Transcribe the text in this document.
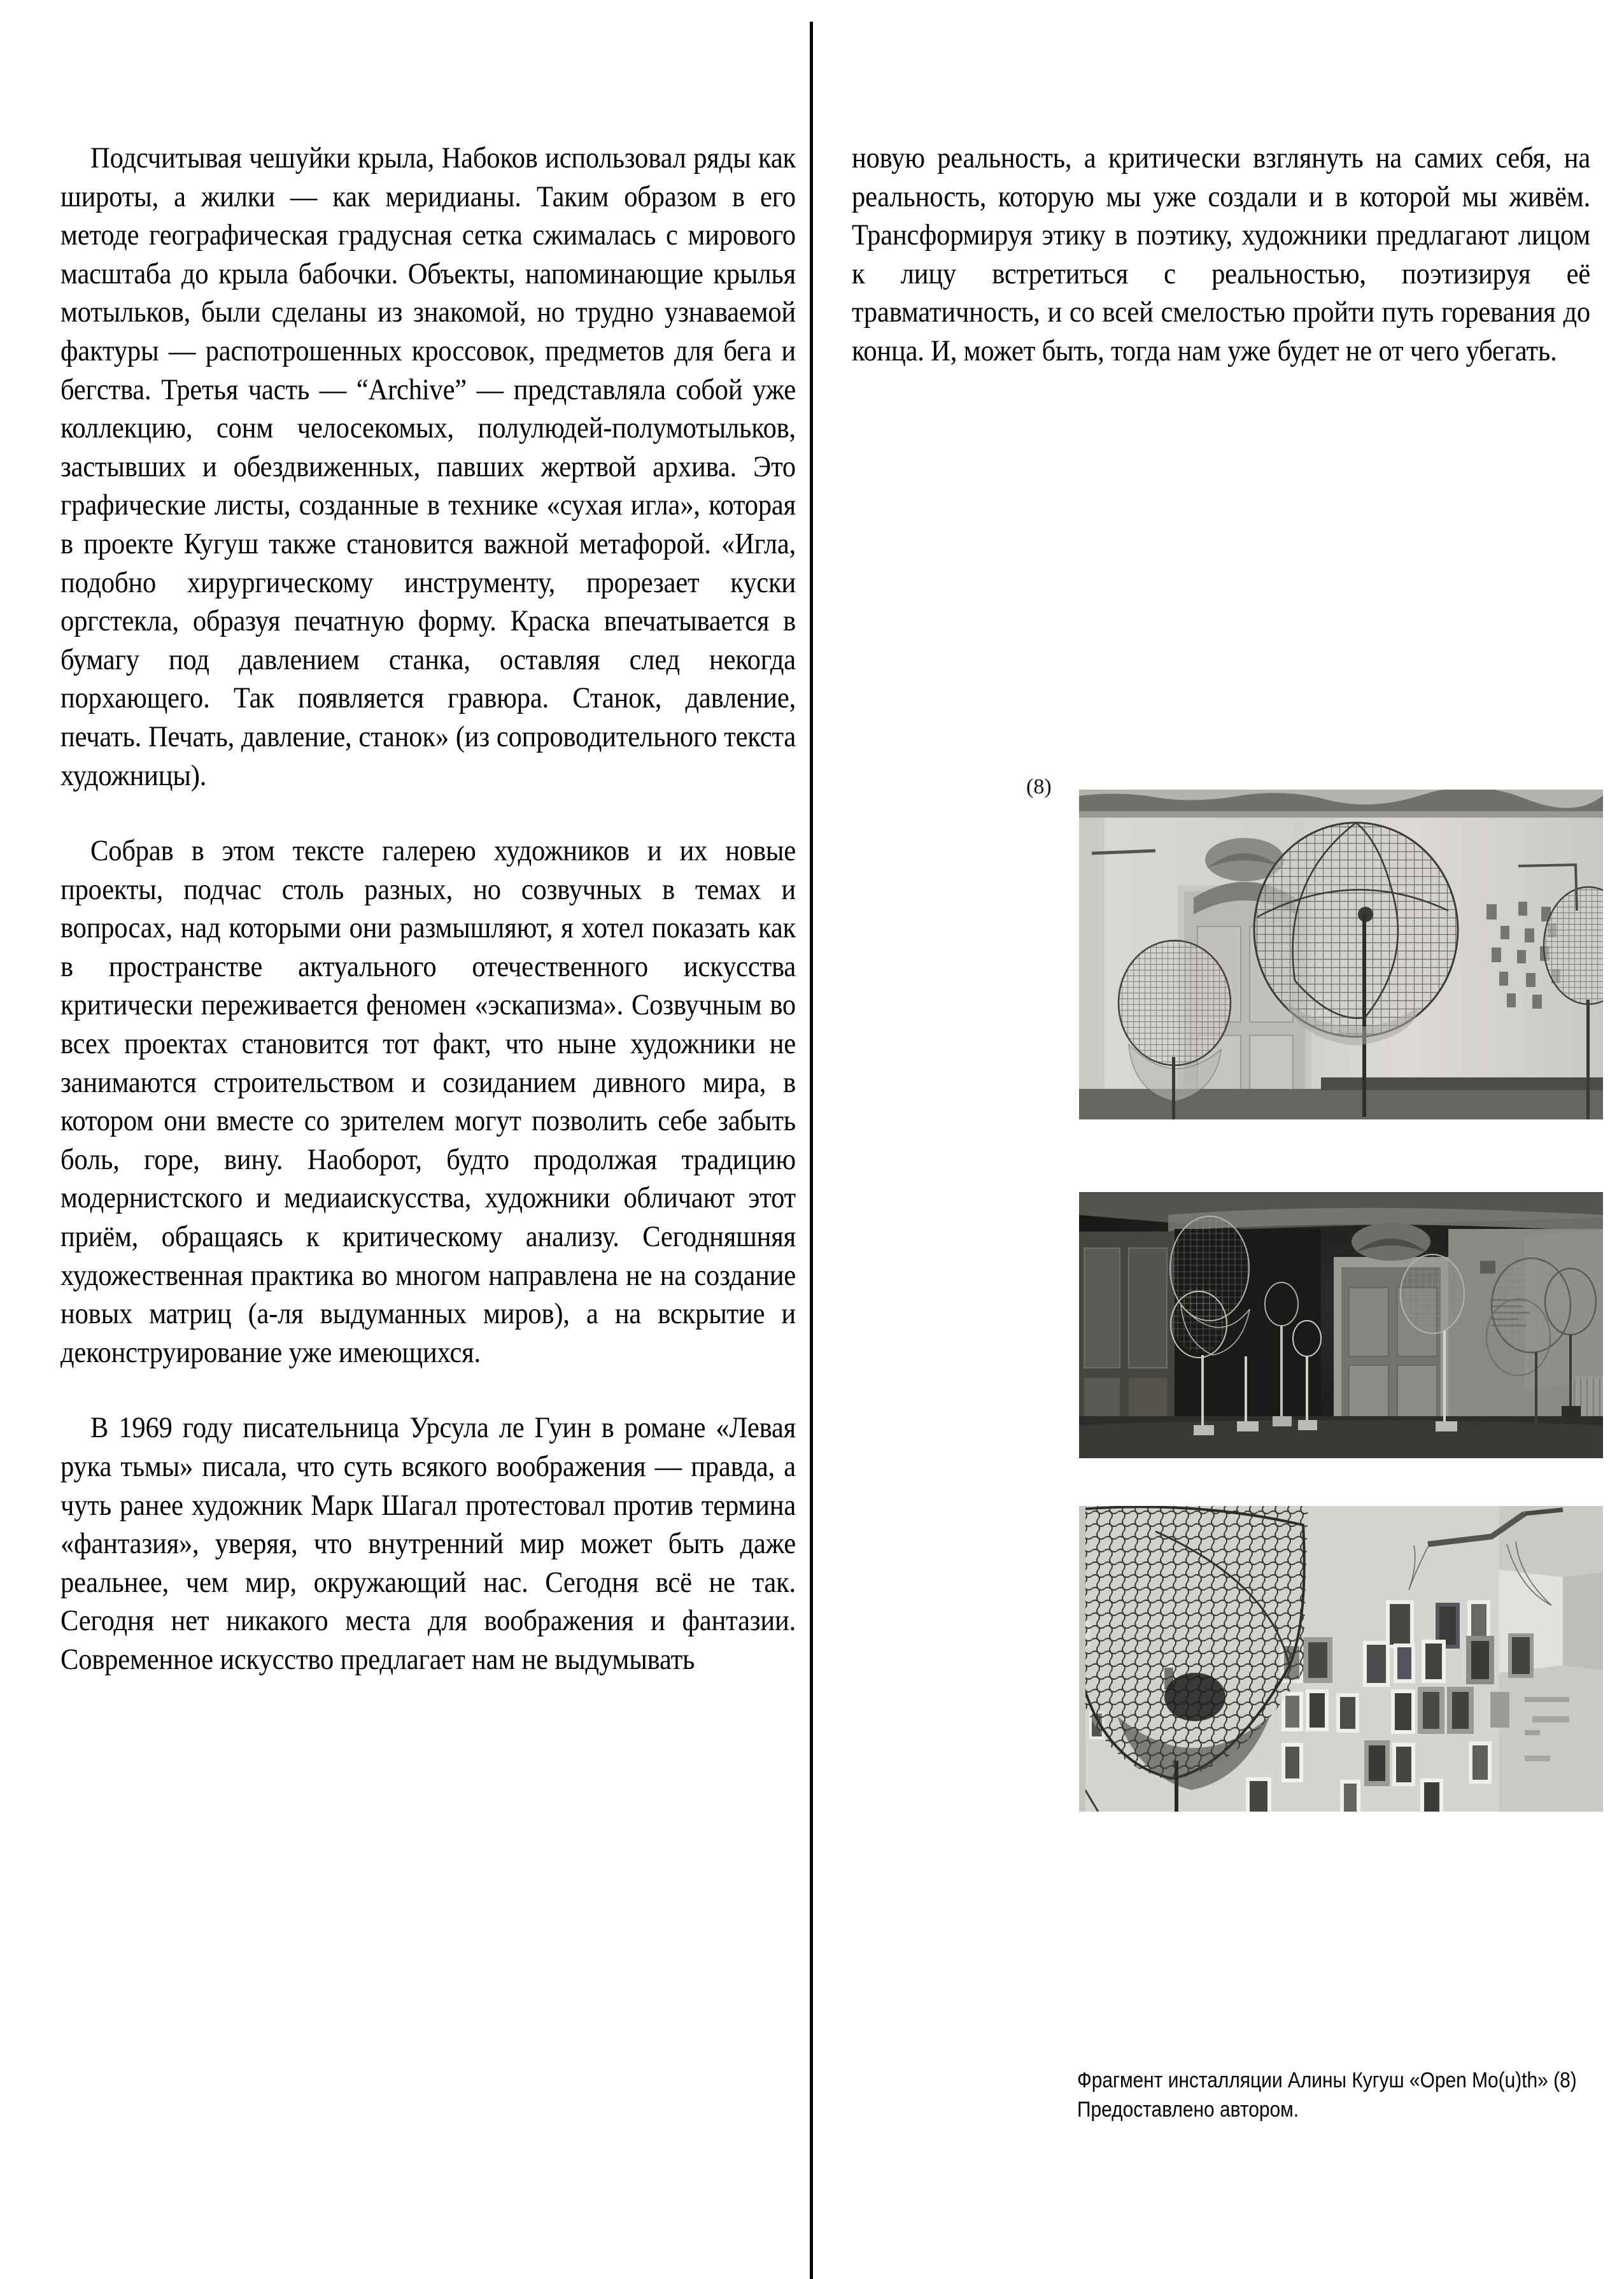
Подсчитывая чешуйки крыла, Набоков использовал ряды как широты, а жилки — как меридианы. Таким образом в его методе географическая градусная сетка сжималась с мирового масштаба до крыла бабочки. Объекты, напоминающие крылья мотыльков, были сделаны из знакомой, но трудно узнаваемой фактуры — распотрошенных кроссовок, предметов для бега и бегства. Третья часть — “Archive” — представляла собой уже коллекцию, сонм челосекомых, полулюдей-полумотыльков, застывших и обездвиженных, павших жертвой архива. Это графические листы, созданные в технике «сухая игла», которая в проекте Кугуш также становится важной метафорой. «Игла, подобно хирургическому инструменту, прорезает куски оргстекла, образуя печатную форму. Краска впечатывается в бумагу под давлением станка, оставляя след некогда порхающего. Так появляется гравюра. Станок, давление, печать. Печать, давление, станок» (из сопроводительного текста художницы).

Собрав в этом тексте галерею художников и их новые проекты, подчас столь разных, но созвучных в темах и вопросах, над которыми они размышляют, я хотел показать как в пространстве актуального отечественного искусства критически переживается феномен «эскапизма». Созвучным во всех проектах становится тот факт, что ныне художники не занимаются строительством и созиданием дивного мира, в котором они вместе со зрителем могут позволить себе забыть боль, горе, вину. Наоборот, будто продолжая традицию модернистского и медиаискусства, художники обличают этот приём, обращаясь к критическому анализу. Сегодняшняя художественная практика во многом направлена не на создание новых матриц (а-ля выдуманных миров), а на вскрытие и деконструирование уже имеющихся.

В 1969 году писательница Урсула ле Гуин в романе «Левая рука тьмы» писала, что суть всякого воображения — правда, а чуть ранее художник Марк Шагал протестовал против термина «фантазия», уверяя, что внутренний мир может быть даже реальнее, чем мир, окружающий нас. Сегодня всё не так. Сегодня нет никакого места для воображения и фантазии. Современное искусство предлагает нам не выдумывать

новую реальность, а критически взглянуть на самих себя, на реальность, которую мы уже создали и в которой мы живём. Трансформируя этику в поэтику, художники предлагают лицом к лицу встретиться с реальностью, поэтизируя её травматичность, и со всей смелостью пройти путь горевания до конца. И, может быть, тогда нам уже будет не от чего убегать.

(8)
Фрагмент инсталляции Алины Кугуш «Open Mo(u)th» (8) Предоставлено автором.
